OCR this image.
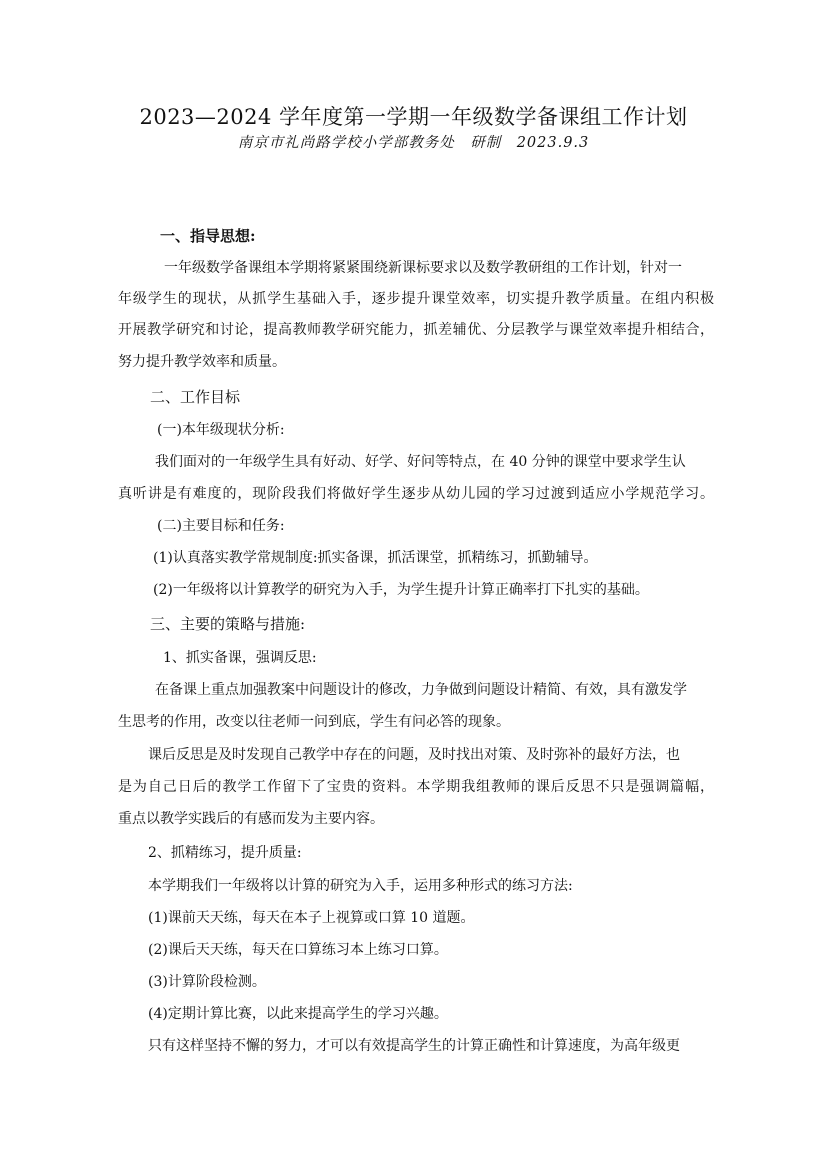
2023—2024 学年度第一学期一年级数学备课组工作计划
南京市礼尚路学校小学部教务处　研制　2023.9.3
一、指导思想:
一年级数学备课组本学期将紧紧围绕新课标要求以及数学教研组的工作计划，针对一
年级学生的现状，从抓学生基础入手，逐步提升课堂效率，切实提升教学质量。在组内积极
开展教学研究和讨论，提高教师教学研究能力，抓差辅优、分层教学与课堂效率提升相结合，
努力提升教学效率和质量。
二、工作目标
(一)本年级现状分析:
我们面对的一年级学生具有好动、好学、好问等特点，在 40 分钟的课堂中要求学生认
真听讲是有难度的，现阶段我们将做好学生逐步从幼儿园的学习过渡到适应小学规范学习。
(二)主要目标和任务:
(1)认真落实教学常规制度:抓实备课，抓活课堂，抓精练习，抓勤辅导。
(2)一年级将以计算教学的研究为入手，为学生提升计算正确率打下扎实的基础。
三、主要的策略与措施:
1、抓实备课，强调反思:
在备课上重点加强教案中问题设计的修改，力争做到问题设计精简、有效，具有激发学
生思考的作用，改变以往老师一问到底，学生有问必答的现象。
课后反思是及时发现自己教学中存在的问题，及时找出对策、及时弥补的最好方法，也
是为自己日后的教学工作留下了宝贵的资料。本学期我组教师的课后反思不只是强调篇幅，
重点以教学实践后的有感而发为主要内容。
2、抓精练习，提升质量:
本学期我们一年级将以计算的研究为入手，运用多种形式的练习方法:
(1)课前天天练，每天在本子上视算或口算 10 道题。
(2)课后天天练，每天在口算练习本上练习口算。
(3)计算阶段检测。
(4)定期计算比赛，以此来提高学生的学习兴趣。
只有这样坚持不懈的努力，才可以有效提高学生的计算正确性和计算速度，为高年级更
